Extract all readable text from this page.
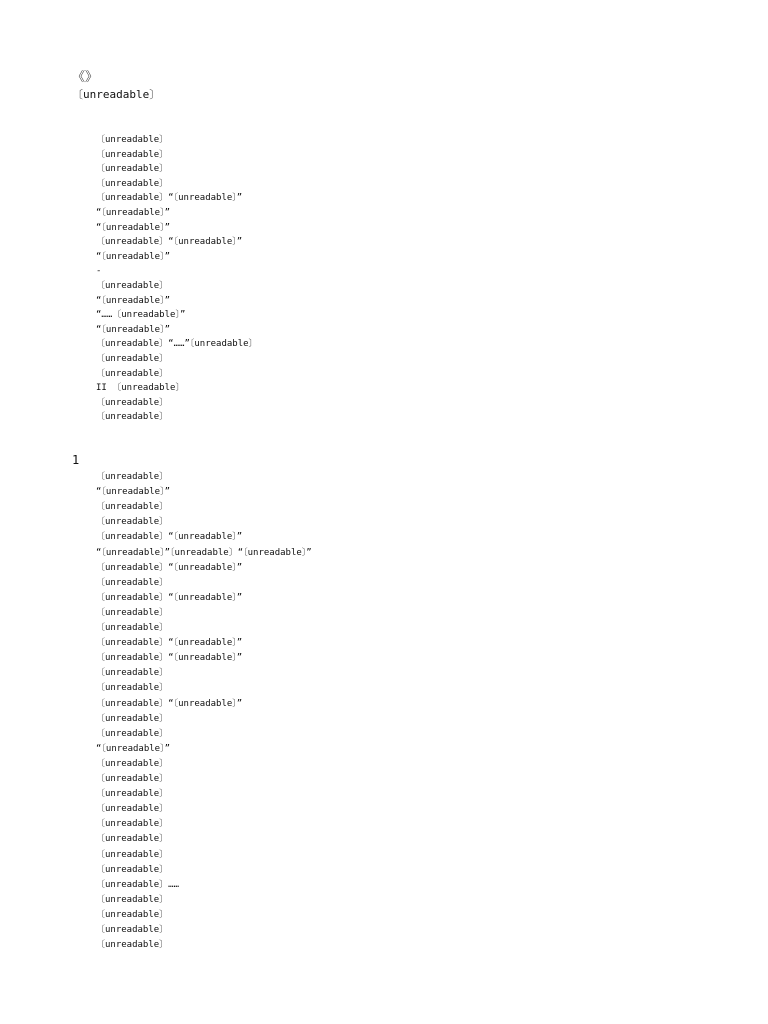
《》
〔unreadable〕
〔unreadable〕
〔unreadable〕
〔unreadable〕
〔unreadable〕
〔unreadable〕“〔unreadable〕”
“〔unreadable〕”
“〔unreadable〕”
〔unreadable〕“〔unreadable〕”
“〔unreadable〕”
-
〔unreadable〕
“〔unreadable〕”
“……〔unreadable〕”
“〔unreadable〕”
〔unreadable〕“……”〔unreadable〕
〔unreadable〕
〔unreadable〕
II 〔unreadable〕
〔unreadable〕
〔unreadable〕
1
〔unreadable〕
“〔unreadable〕”
〔unreadable〕
〔unreadable〕
〔unreadable〕“〔unreadable〕”
“〔unreadable〕”〔unreadable〕“〔unreadable〕”
〔unreadable〕“〔unreadable〕”
〔unreadable〕
〔unreadable〕“〔unreadable〕”
〔unreadable〕
〔unreadable〕
〔unreadable〕“〔unreadable〕”
〔unreadable〕“〔unreadable〕”
〔unreadable〕
〔unreadable〕
〔unreadable〕“〔unreadable〕”
〔unreadable〕
〔unreadable〕
“〔unreadable〕”
〔unreadable〕
〔unreadable〕
〔unreadable〕
〔unreadable〕
〔unreadable〕
〔unreadable〕
〔unreadable〕
〔unreadable〕
〔unreadable〕……
〔unreadable〕
〔unreadable〕
〔unreadable〕
〔unreadable〕
